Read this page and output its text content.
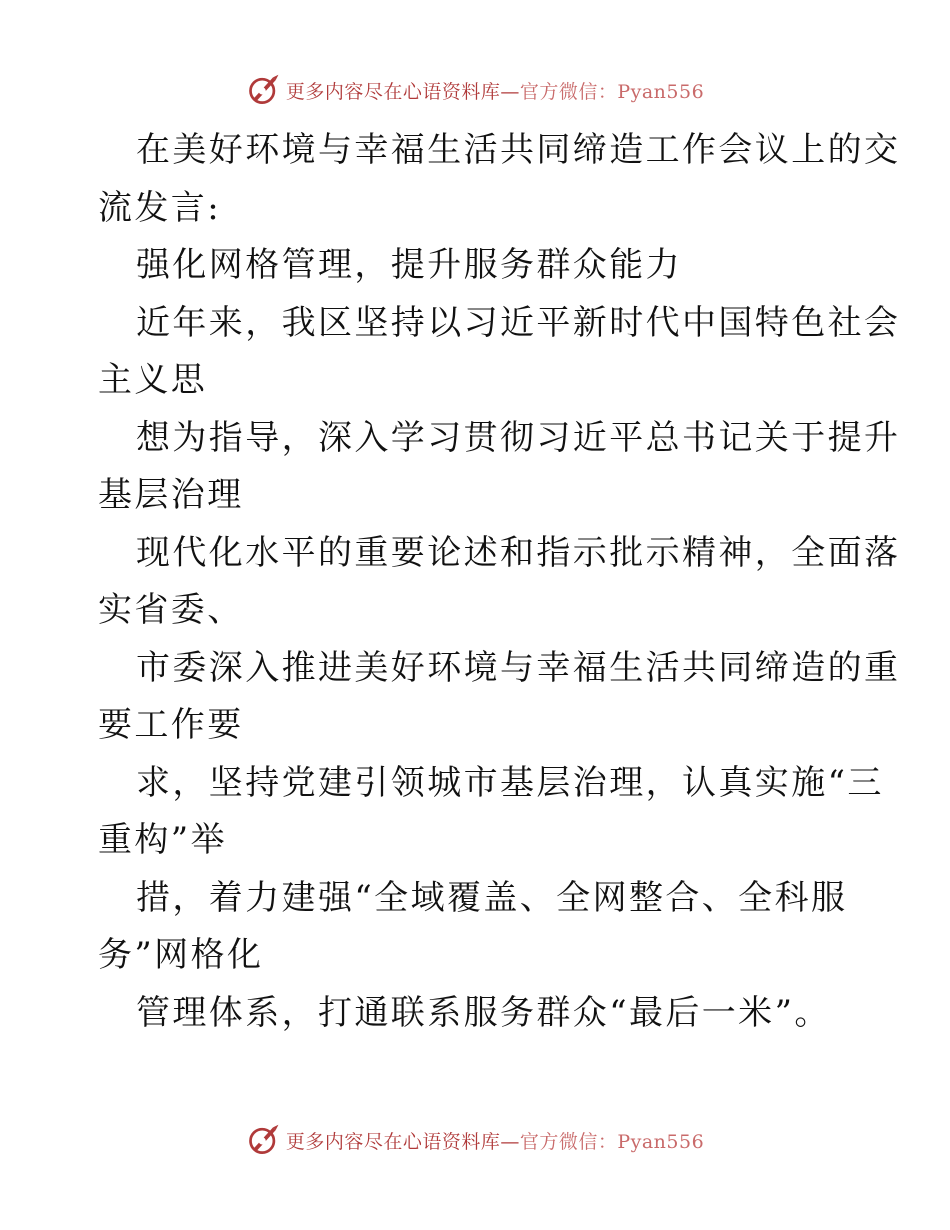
更多内容尽在心语资料库—官方微信：Pyan556
在美好环境与幸福生活共同缔造工作会议上的交
流发言:
强化网格管理，提升服务群众能力
近年来，我区坚持以习近平新时代中国特色社会
主义思
想为指导，深入学习贯彻习近平总书记关于提升
基层治理
现代化水平的重要论述和指示批示精神，全面落
实省委、
市委深入推进美好环境与幸福生活共同缔造的重
要工作要
求，坚持党建引领城市基层治理，认真实施“三
重构”举
措，着力建强“全域覆盖、全网整合、全科服
务”网格化
管理体系，打通联系服务群众“最后一米”。
更多内容尽在心语资料库—官方微信：Pyan556
